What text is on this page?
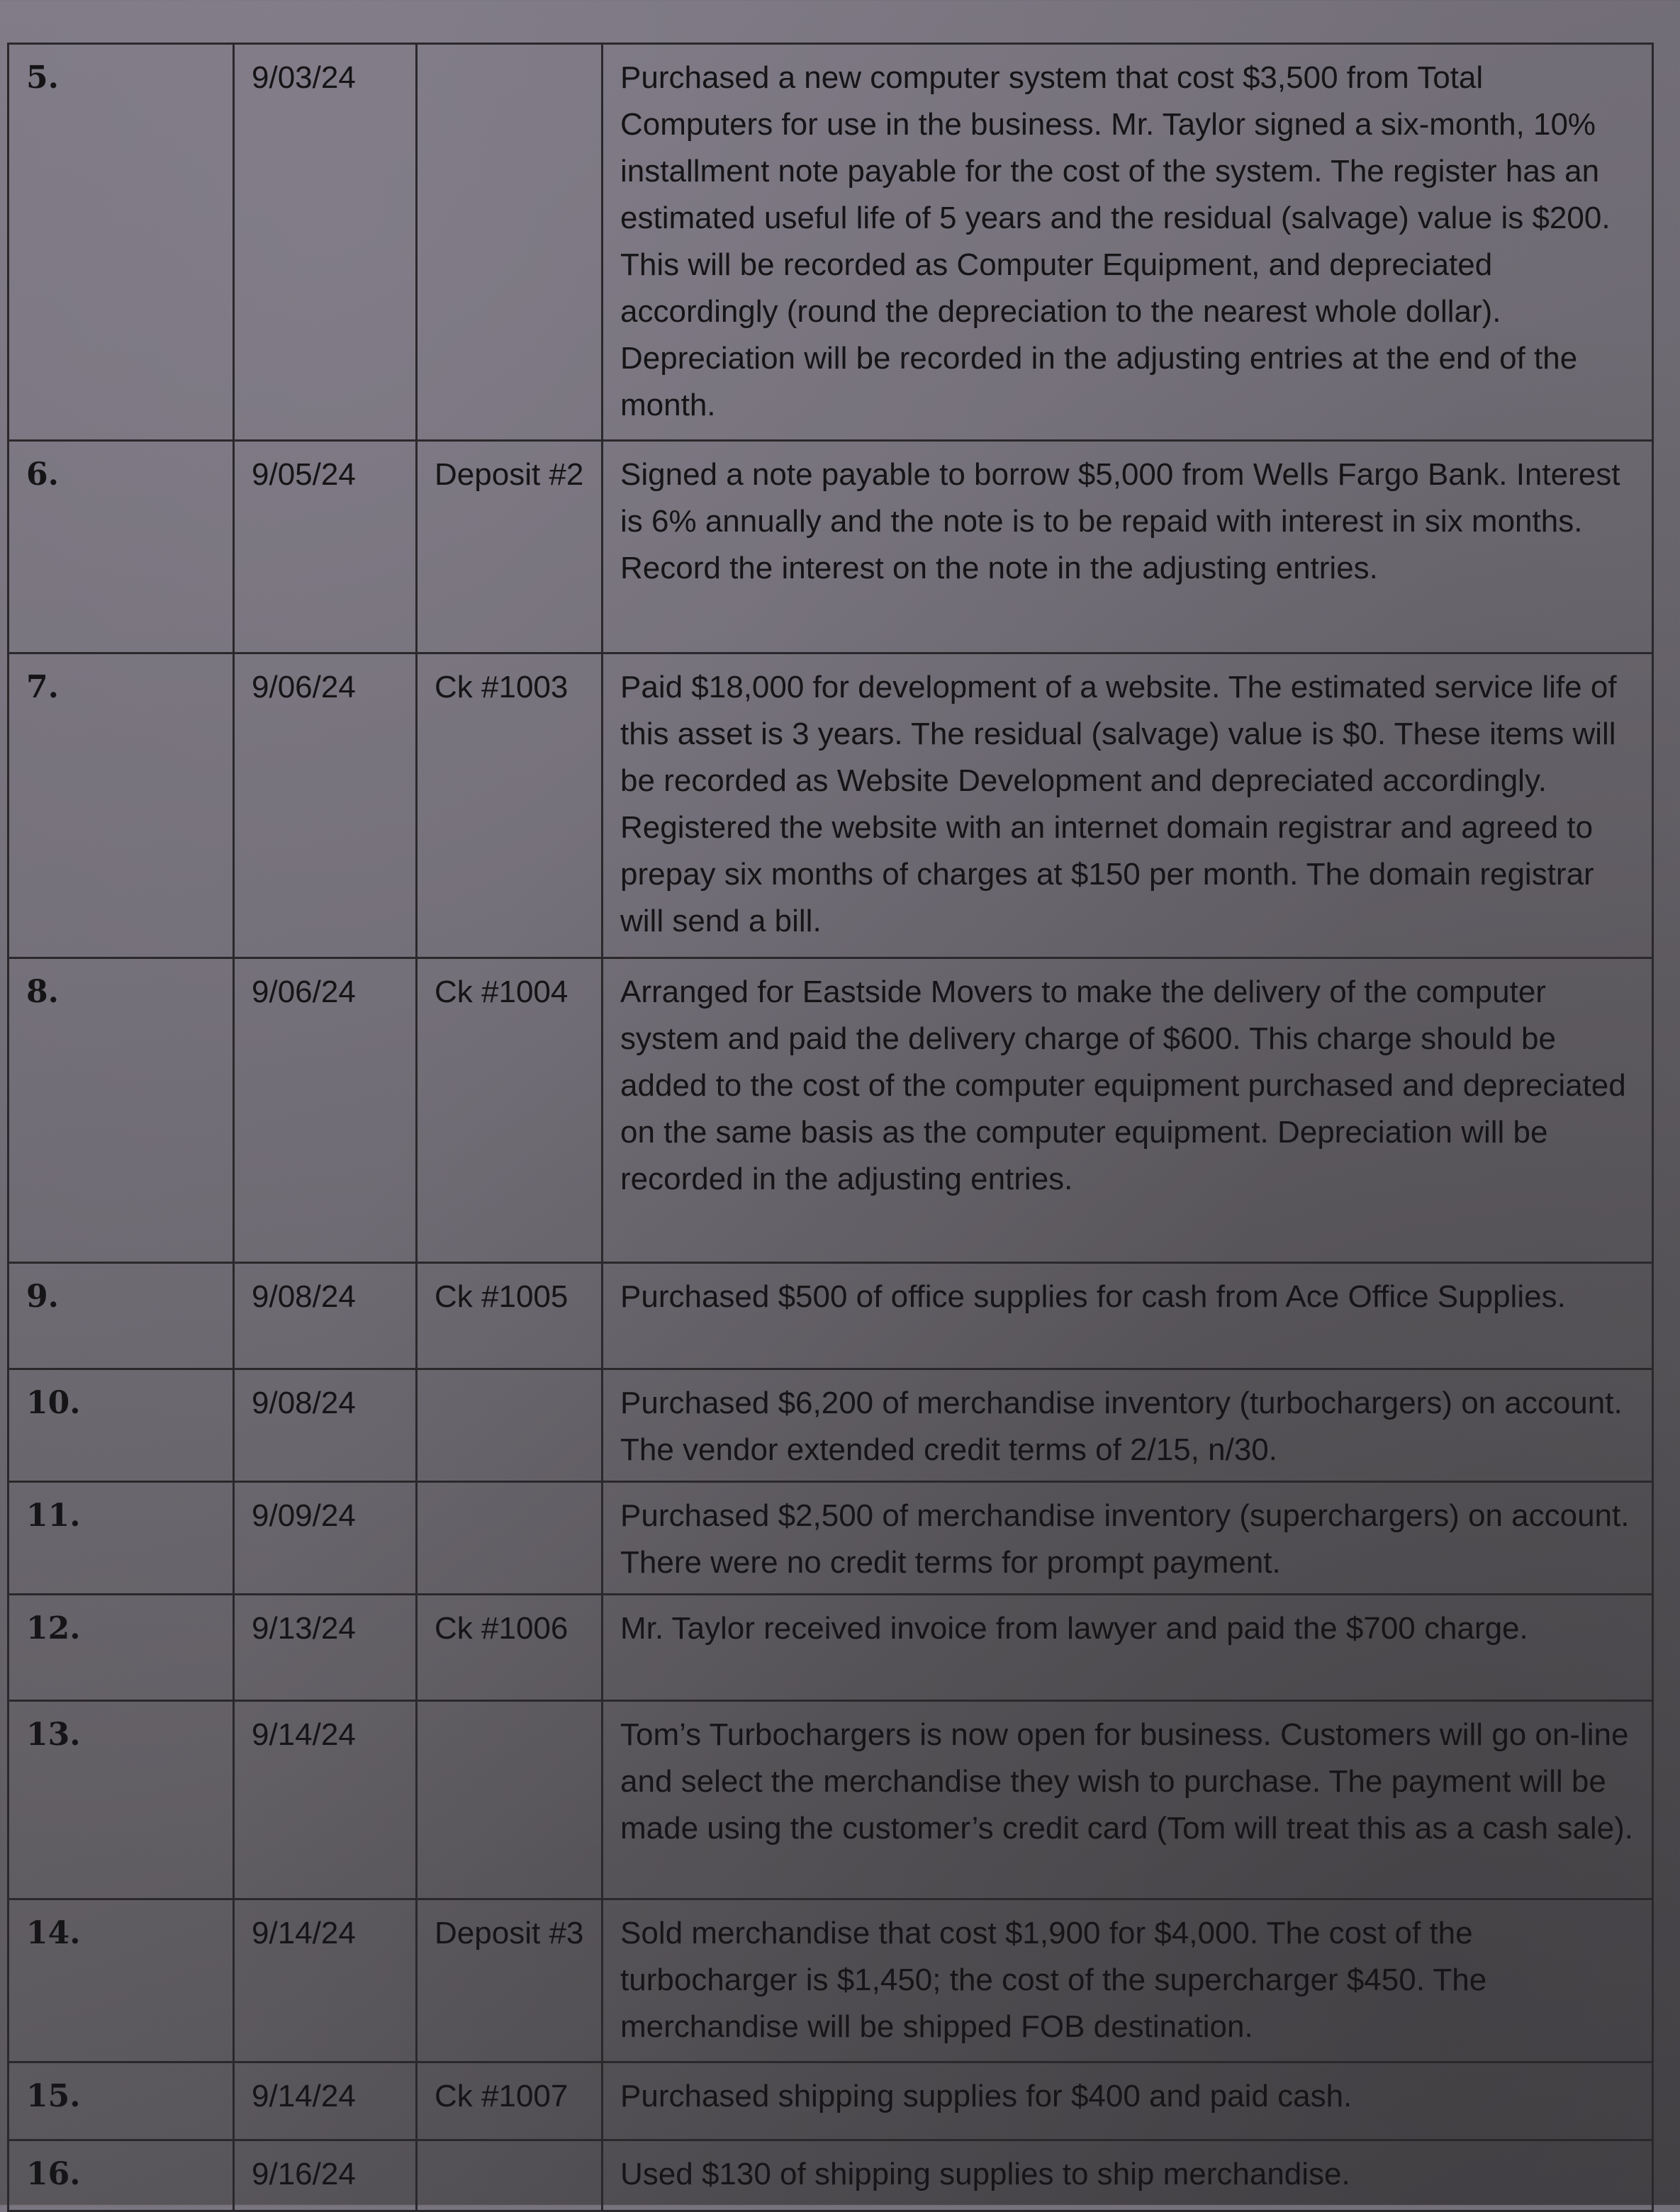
5.	9/03/24		Purchased a new computer system that cost $3,500 from Total Computers for use in the business. Mr. Taylor signed a six-month, 10% installment note payable for the cost of the system. The register has an estimated useful life of 5 years and the residual (salvage) value is $200. This will be recorded as Computer Equipment, and depreciated accordingly (round the depreciation to the nearest whole dollar). Depreciation will be recorded in the adjusting entries at the end of the month.
6.	9/05/24	Deposit #2	Signed a note payable to borrow $5,000 from Wells Fargo Bank. Interest is 6% annually and the note is to be repaid with interest in six months. Record the interest on the note in the adjusting entries.
7.	9/06/24	Ck #1003	Paid $18,000 for development of a website. The estimated service life of this asset is 3 years. The residual (salvage) value is $0. These items will be recorded as Website Development and depreciated accordingly. Registered the website with an internet domain registrar and agreed to prepay six months of charges at $150 per month. The domain registrar will send a bill.
8.	9/06/24	Ck #1004	Arranged for Eastside Movers to make the delivery of the computer system and paid the delivery charge of $600. This charge should be added to the cost of the computer equipment purchased and depreciated on the same basis as the computer equipment. Depreciation will be recorded in the adjusting entries.
9.	9/08/24	Ck #1005	Purchased $500 of office supplies for cash from Ace Office Supplies.
10.	9/08/24		Purchased $6,200 of merchandise inventory (turbochargers) on account. The vendor extended credit terms of 2/15, n/30.
11.	9/09/24		Purchased $2,500 of merchandise inventory (superchargers) on account. There were no credit terms for prompt payment.
12.	9/13/24	Ck #1006	Mr. Taylor received invoice from lawyer and paid the $700 charge.
13.	9/14/24		Tom’s Turbochargers is now open for business. Customers will go on-line and select the merchandise they wish to purchase. The payment will be made using the customer’s credit card (Tom will treat this as a cash sale).
14.	9/14/24	Deposit #3	Sold merchandise that cost $1,900 for $4,000. The cost of the turbocharger is $1,450; the cost of the supercharger $450. The merchandise will be shipped FOB destination.
15.	9/14/24	Ck #1007	Purchased shipping supplies for $400 and paid cash.
16.	9/16/24		Used $130 of shipping supplies to ship merchandise.
